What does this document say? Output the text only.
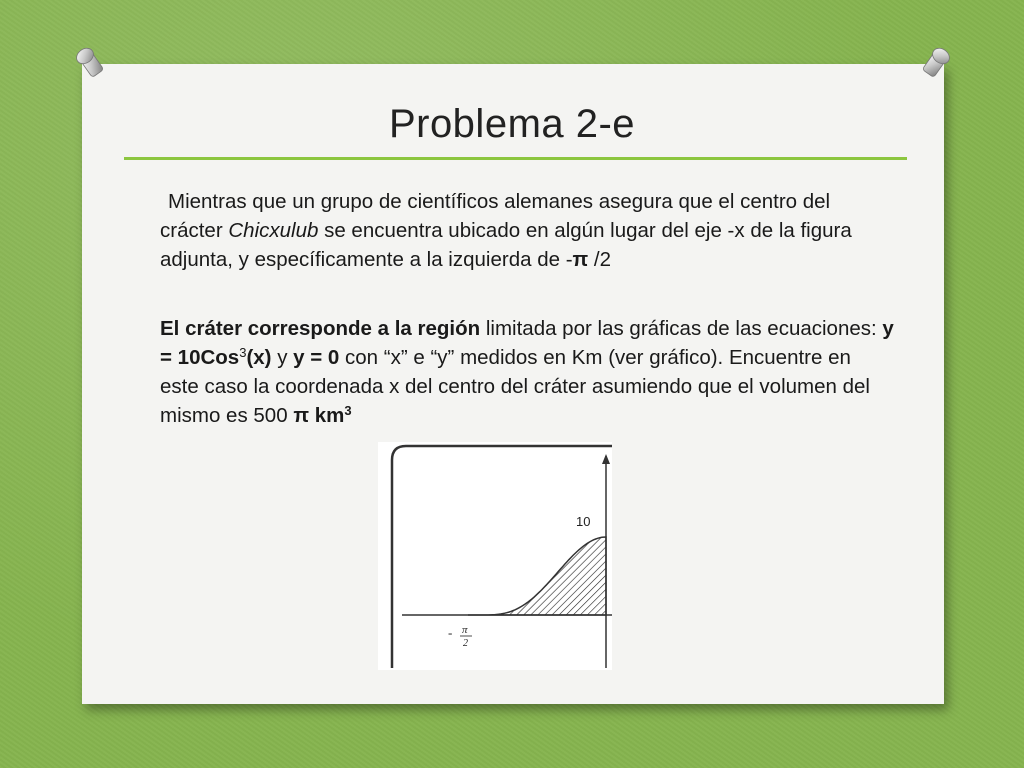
Problema 2-e
Mientras que un grupo de científicos alemanes asegura que el centro del crácter Chicxulub se encuentra ubicado en algún lugar del eje -x de la figura adjunta, y específicamente a la izquierda de -π /2
El cráter corresponde a la región limitada por las gráficas de las ecuaciones: y = 10Cos$^3$(x) y y = 0 con “x” e “y” medidos en Km (ver gráfico). Encuentre en este caso la coordenada x del centro del cráter asumiendo que el volumen del mismo es 500 π $km^3$
10
- π
2
